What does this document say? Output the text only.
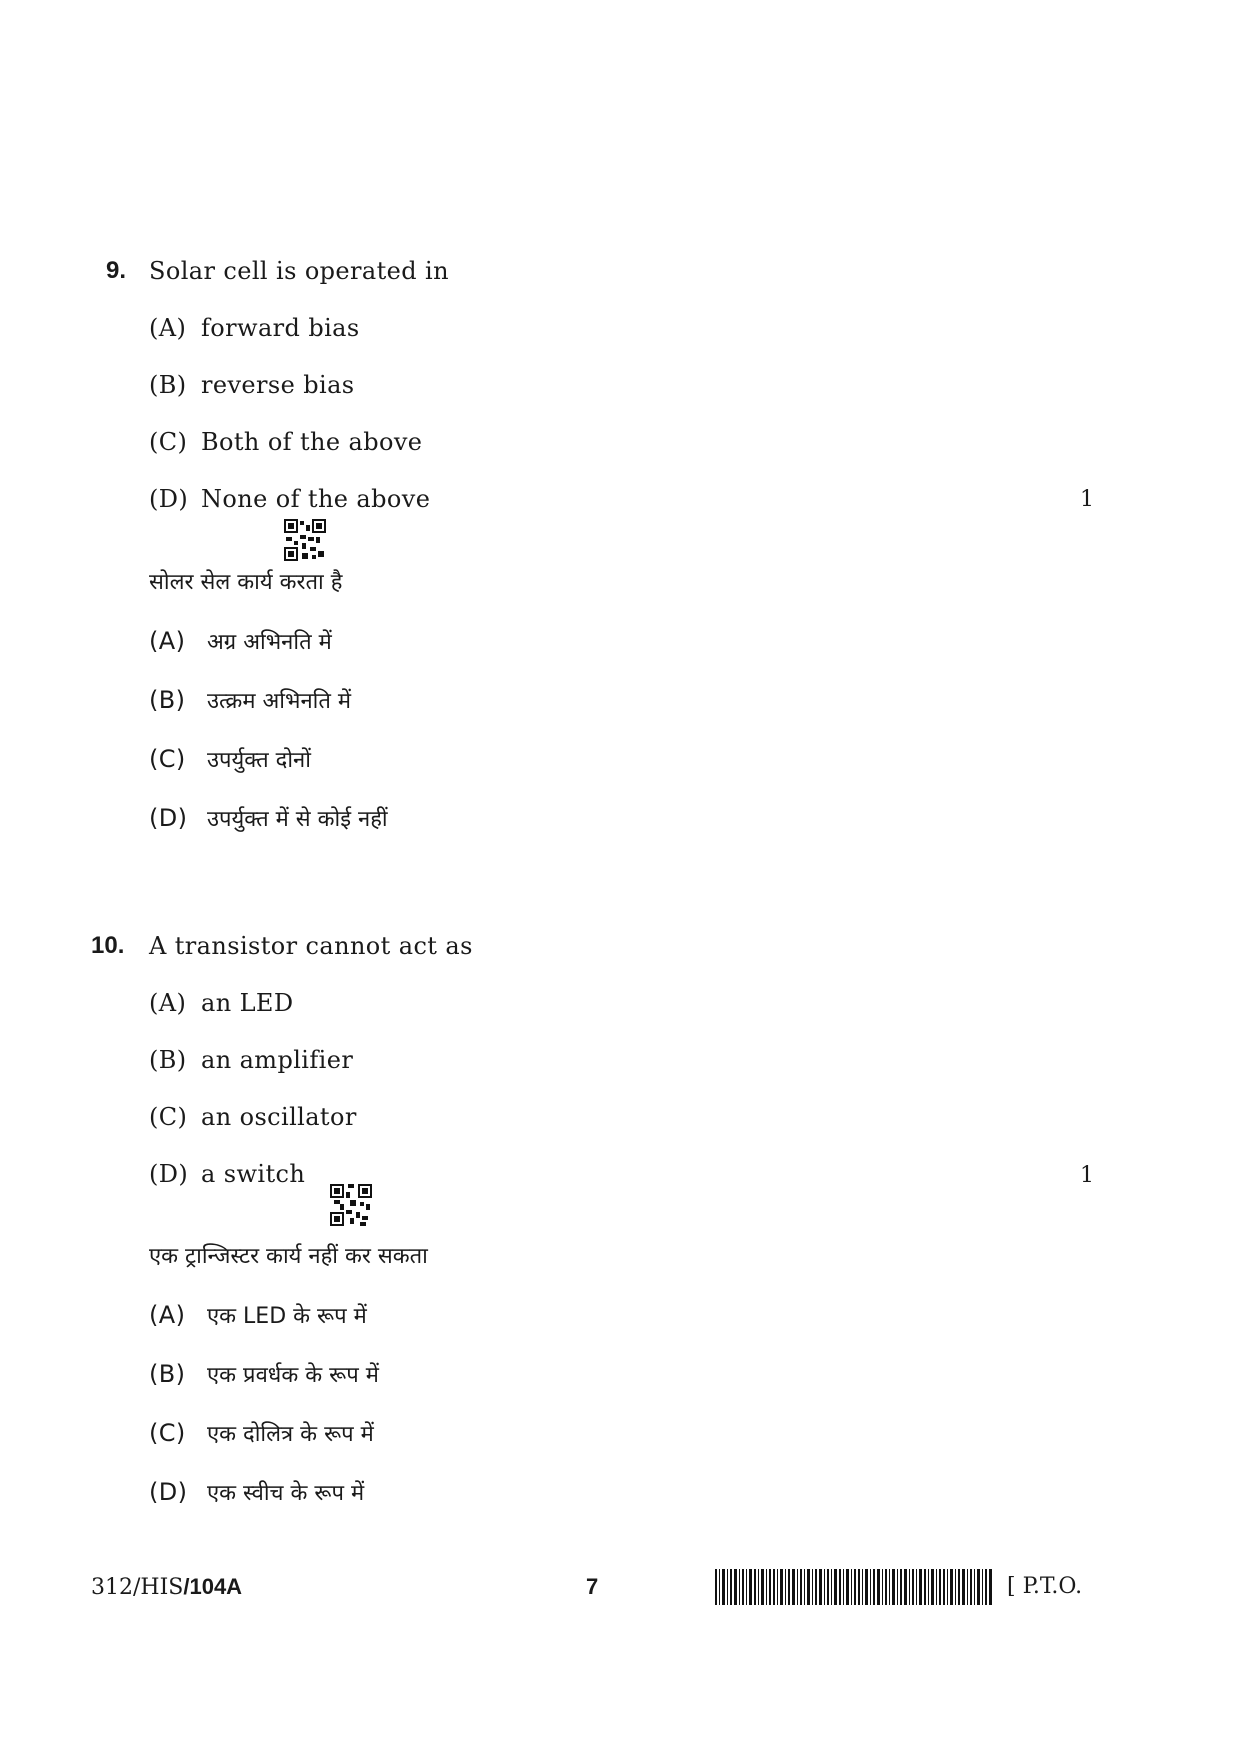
9. Solar cell is operated in
(A) forward bias
(B) reverse bias
(C) Both of the above
(D) None of the above	1
सोलर सेल कार्य करता है
(A) अग्र अभिनति में
(B) उत्क्रम अभिनति में
(C) उपर्युक्त दोनों
(D) उपर्युक्त में से कोई नहीं
10. A transistor cannot act as
(A) an LED
(B) an amplifier
(C) an oscillator
(D) a switch	1
एक ट्रान्जिस्टर कार्य नहीं कर सकता
(A) एक LED के रूप में
(B) एक प्रवर्धक के रूप में
(C) एक दोलित्र के रूप में
(D) एक स्वीच के रूप में
312/HIS/104A	7	[ P.T.O.
